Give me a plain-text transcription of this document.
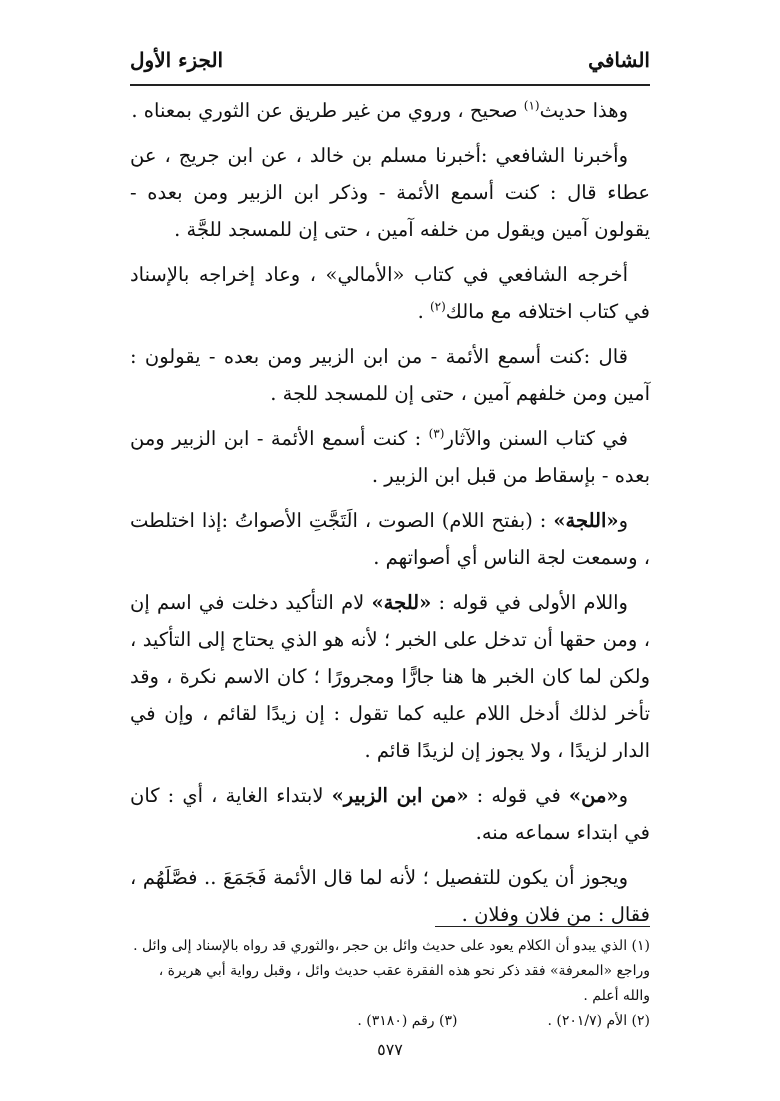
الشافي
الجزء الأول

وهذا حديث$^{(١)}$ صحيح ، وروي من غير طريق عن الثوري بمعناه .

وأخبرنا الشافعي :أخبرنا مسلم بن خالد ، عن ابن جريج ، عن عطاء قال : كنت أسمع الأئمة - وذكر ابن الزبير ومن بعده - يقولون آمين ويقول من خلفه آمين ، حتى إن للمسجد للجَّة .

أخرجه الشافعي في كتاب «الأمالي» ، وعاد إخراجه بالإسناد في كتاب اختلافه مع مالك$^{(٢)}$ .

قال :كنت أسمع الأئمة - من ابن الزبير ومن بعده - يقولون : آمين ومن خلفهم آمين ، حتى إن للمسجد للجة .

في كتاب السنن والآثار$^{(٣)}$ : كنت أسمع الأئمة - ابن الزبير ومن بعده - بإسقاط من قبل ابن الزبير .

و«اللجة» : (بفتح اللام) الصوت ، الَتَجَّتِ الأصواتُ :إذا اختلطت ، وسمعت لجة الناس أي أصواتهم .

واللام الأولى في قوله : «للجة» لام التأكيد دخلت في اسم إن ، ومن حقها أن تدخل على الخبر ؛ لأنه هو الذي يحتاج إلى التأكيد ، ولكن لما كان الخبر ها هنا جارًّا ومجرورًا ؛ كان الاسم نكرة ، وقد تأخر لذلك أدخل اللام عليه كما تقول : إن زيدًا لقائم ، وإن في الدار لزيدًا ، ولا يجوز إن لزيدًا قائم .

و«من» في قوله : «من ابن الزبير» لابتداء الغاية ، أي : كان في ابتداء سماعه منه.

ويجوز أن يكون للتفصيل ؛ لأنه لما قال الأئمة فَجَمَعَ .. فصَّلَهُم ، فقال : من فلان وفلان .

(١) الذي يبدو أن الكلام يعود على حديث وائل بن حجر ،والثوري قد رواه بالإسناد إلى وائل .
وراجع «المعرفة» فقد ذكر نحو هذه الفقرة عقب حديث وائل ، وقبل رواية أبي هريرة ، والله أعلم .
(٢) الأم (٢٠١/٧) .
(٣) رقم (٣١٨٠) .
٥٧٧
